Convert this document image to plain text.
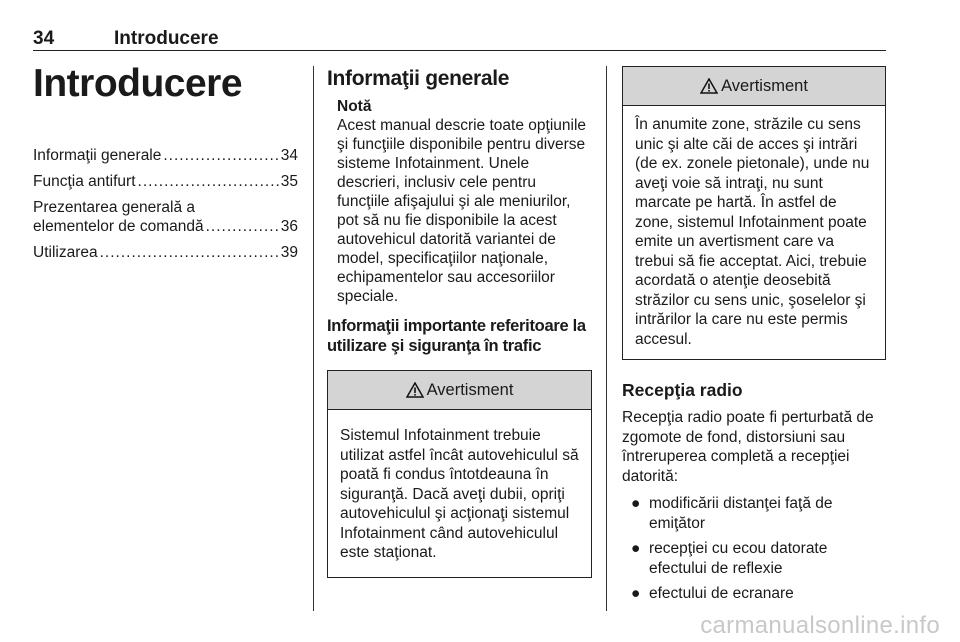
34	Introducere
Introducere
Informaţii generale .....	34
Funcţia antifurt .....	35
Prezentarea generală a
elementelor de comandă .....	36
Utilizarea .....	39
Informaţii generale
Notă

Acest manual descrie toate opţiunile şi funcţiile disponibile pentru diverse sisteme Infotainment. Unele descrieri, inclusiv cele pentru funcţiile afişajului şi ale meniurilor, pot să nu fie disponibile la acest autovehicul datorită variantei de model, specificaţiilor naţionale, echipamentelor sau accesoriilor speciale.

Informaţii importante referitoare la utilizare şi siguranţa în trafic
Avertisment
Sistemul Infotainment trebuie utilizat astfel încât autovehiculul să poată fi condus întotdeauna în siguranţă. Dacă aveţi dubii, opriţi autovehiculul şi acţionaţi sistemul Infotainment când autovehiculul este staţionat.
Avertisment
În anumite zone, străzile cu sens unic şi alte căi de acces şi intrări (de ex. zonele pietonale), unde nu aveţi voie să intraţi, nu sunt marcate pe hartă. În astfel de zone, sistemul Infotainment poate emite un avertisment care va trebui să fie acceptat. Aici, trebuie acordată o atenţie deosebită străzilor cu sens unic, şoselelor şi intrărilor la care nu este permis accesul.
Recepţia radio

Recepţia radio poate fi perturbată de zgomote de fond, distorsiuni sau întreruperea completă a recepţiei datorită:

● modificării distanţei faţă de emiţător
● recepţiei cu ecou datorate efectului de reflexie
● efectului de ecranare
carmanualsonline.info
